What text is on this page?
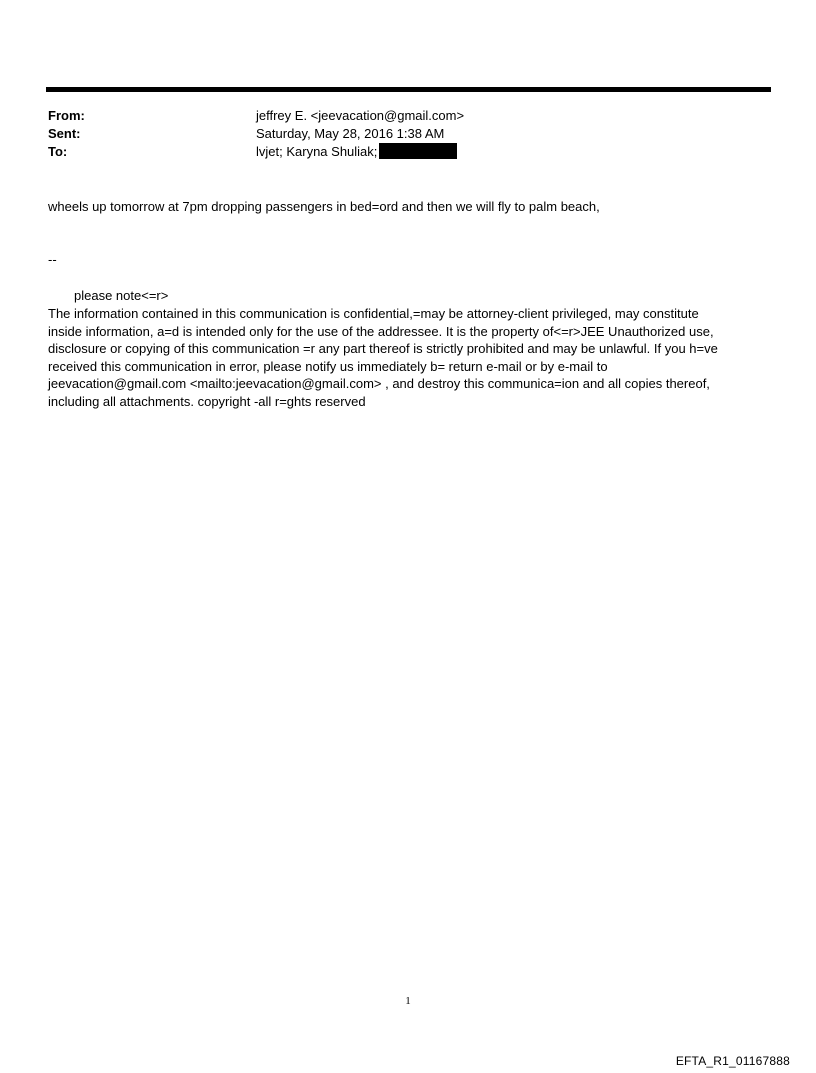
From:	jeffrey E. <jeevacation@gmail.com>
Sent:	Saturday, May 28, 2016 1:38 AM
To:	lvjet; Karyna Shuliak;
wheels up tomorrow at 7pm dropping passengers in bed=ord and then we will fly to palm beach,
--
please note<=r>
The information contained in this communication is confidential,=may be attorney-client privileged, may constitute
inside information, a=d is intended only for the use of the addressee. It is the property of<=r>JEE Unauthorized use,
disclosure or copying of this communication =r any part thereof is strictly prohibited and may be unlawful. If you h=ve
received this communication in error, please notify us immediately b= return e-mail or by e-mail to
jeevacation@gmail.com <mailto:jeevacation@gmail.com> , and destroy this communica=ion and all copies thereof,
including all attachments. copyright -all r=ghts reserved
1
EFTA_R1_01167888
